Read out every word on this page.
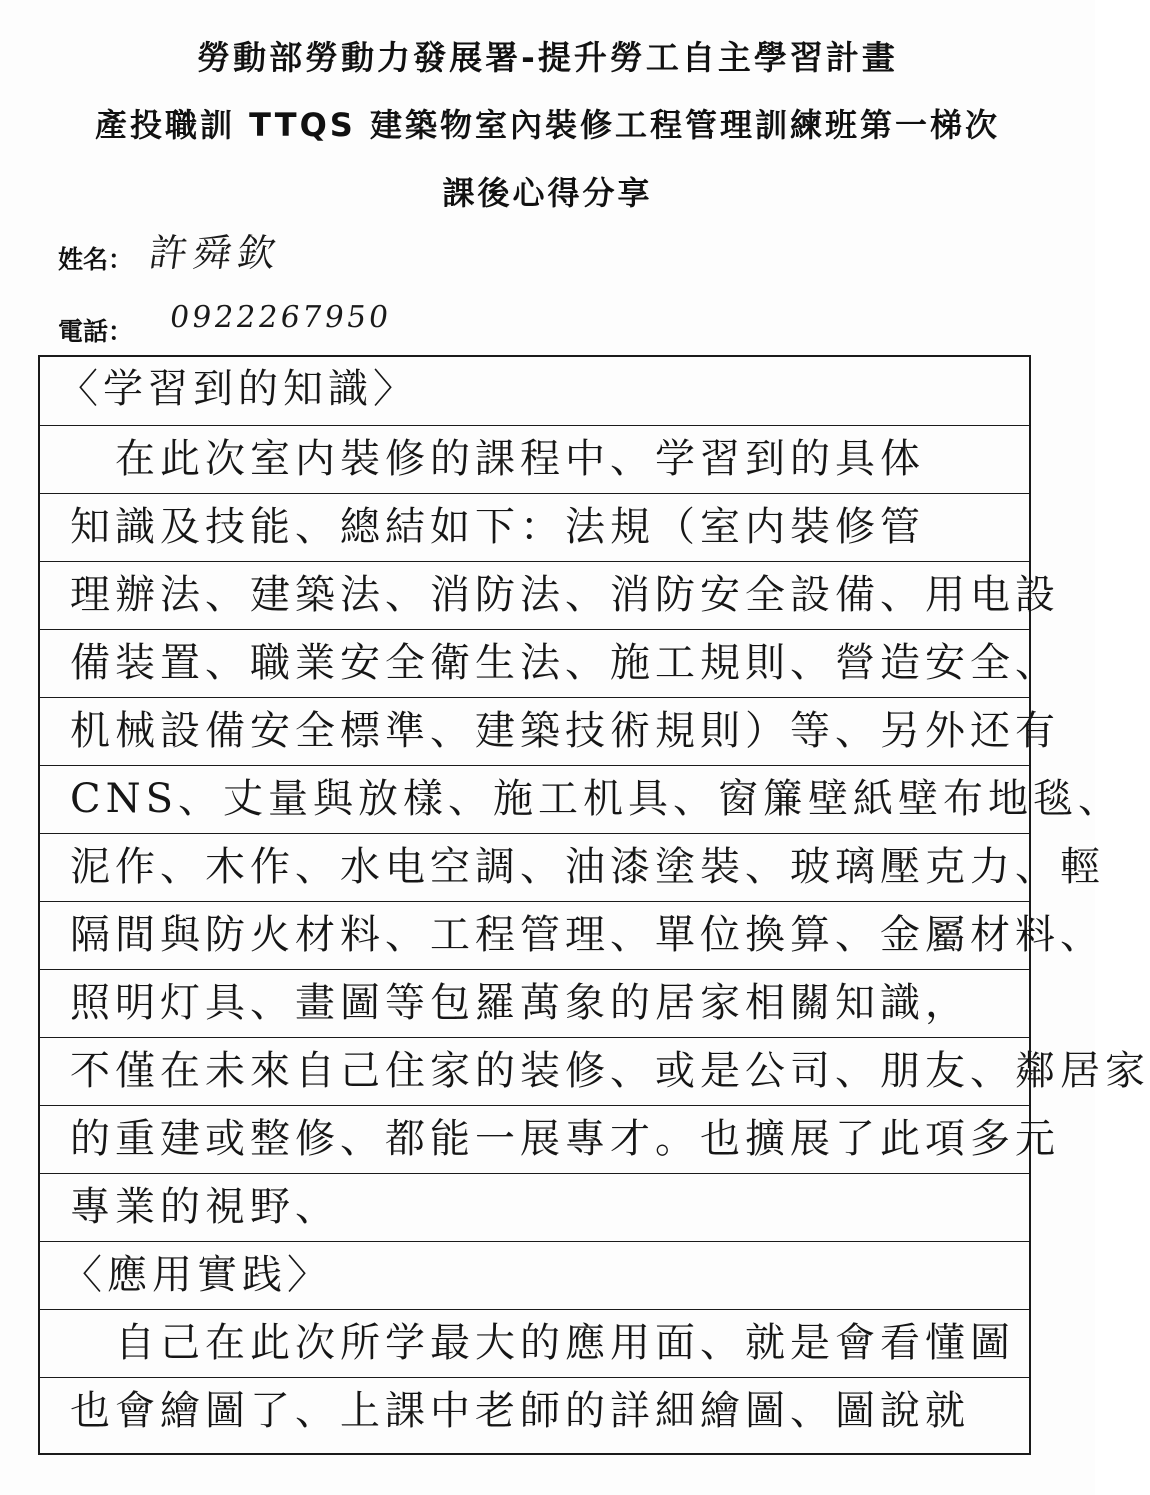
勞動部勞動力發展署-提升勞工自主學習計畫
產投職訓 TTQS 建築物室內裝修工程管理訓練班第一梯次
課後心得分享
姓名： 許舜欽
電話： 0922267950
〈学習到的知識〉
　在此次室内裝修的課程中、学習到的具体
知識及技能、總結如下：法規（室内裝修管
理辦法、建築法、消防法、消防安全設備、用电設
備装置、職業安全衛生法、施工規則、營造安全、
机械設備安全標準、建築技術規則）等、另外还有
CNS、丈量與放樣、施工机具、窗簾壁紙壁布地毯、
泥作、木作、水电空調、油漆塗裝、玻璃壓克力、輕
隔間與防火材料、工程管理、單位換算、金屬材料、
照明灯具、畫圖等包羅萬象的居家相關知識，
不僅在未來自己住家的装修、或是公司、朋友、鄰居家
的重建或整修、都能一展專才。也擴展了此項多元
專業的視野、
〈應用實践〉
　自己在此次所学最大的應用面、就是會看懂圖
也會繪圖了、上課中老師的詳細繪圖、圖說就
